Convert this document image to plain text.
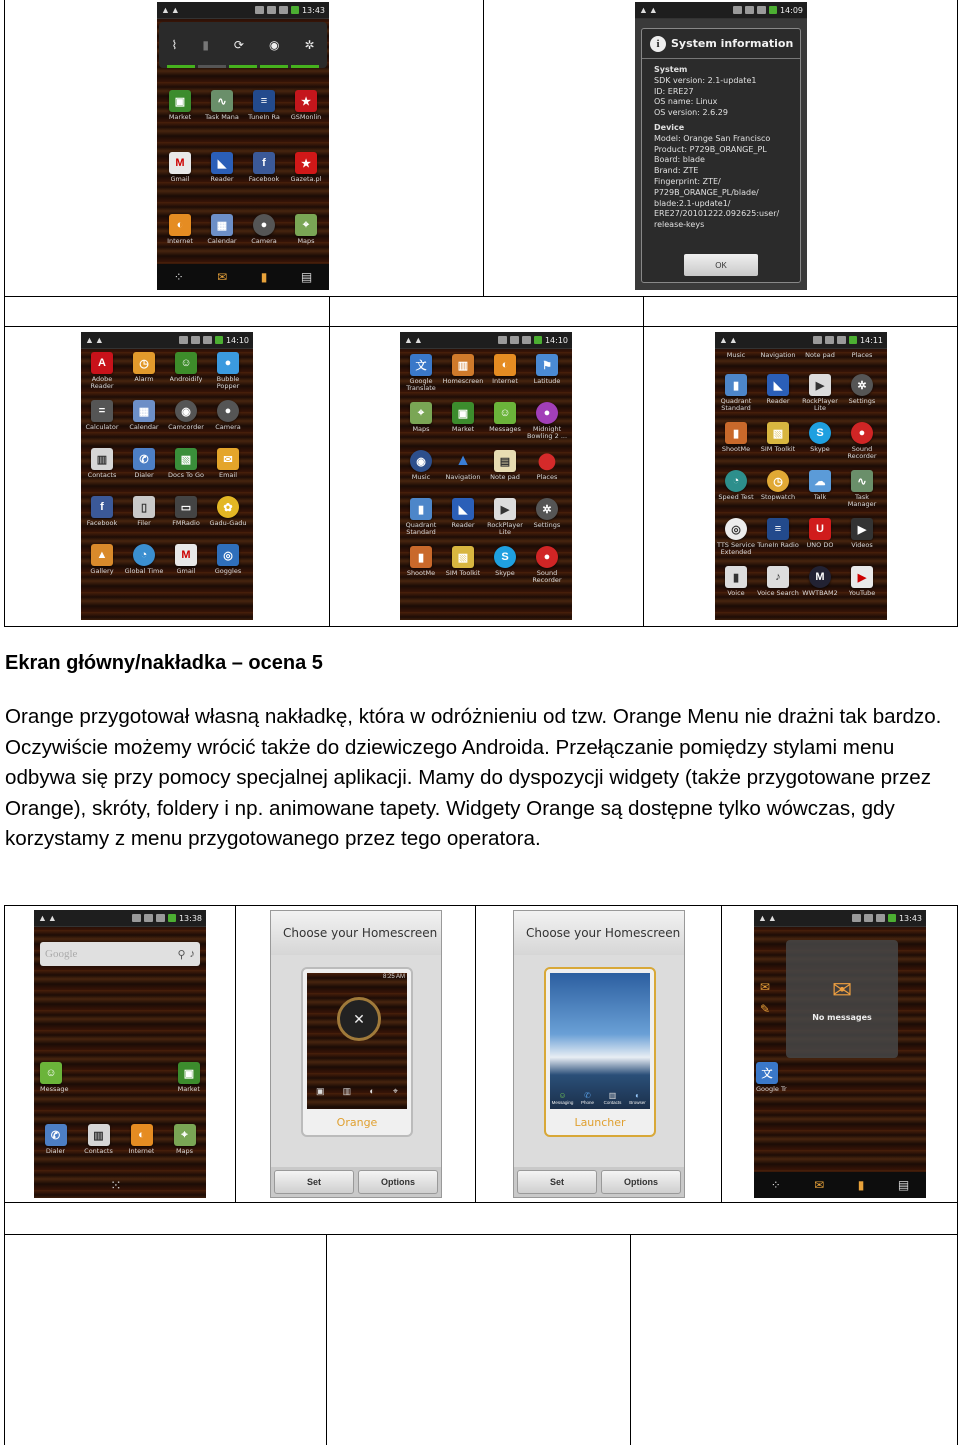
▲▲	13:43
⌇ ▮ ⟳ ◉ ✲
▣
Market
∿
Task Mana
≡
TuneIn Ra
★
GSMonlin
M
Gmail
◣
Reader
f
Facebook
★
Gazeta.pl
◐
Internet
▦
Calendar
●
Camera
⌖
Maps
⁘	✉	▮	▤
▲▲	14:09
i	System information
System
SDK version: 2.1-update1
ID: ERE27
OS name: Linux
OS version: 2.6.29
Device
Model: Orange San Francisco
Product: P729B_ORANGE_PL
Board: blade
Brand: ZTE
Fingerprint: ZTE/
P729B_ORANGE_PL/blade/
blade:2.1-update1/
ERE27/20101222.092625:user/
release-keys
OK
▲▲	14:10
A
Adobe Reader
◷
Alarm
☺
Androidify
●
Bubble Popper
=
Calculator
▦
Calendar
◉
Camcorder
●
Camera
▥
Contacts
✆
Dialer
▧
Docs To Go
✉
Email
f
Facebook
▯
Filer
▭
FMRadio
✿
Gadu-Gadu
▲
Gallery
◔
Global Time
M
Gmail
◎
Goggles
▲▲	14:10
文
Google Translate
▥
Homescreen
◐
Internet
⚑
Latitude
⌖
Maps
▣
Market
☺
Messages
●
Midnight Bowling 2 ...
◉
Music
▲
Navigation
▤
Note pad
⬤
Places
▮
Quadrant Standard
◣
Reader
▶
RockPlayer Lite
✲
Settings
▮
ShootMe
▧
SIM Toolkit
S
Skype
●
Sound Recorder
▲▲	14:11
Music Navigation Note pad	Places
▮
Quadrant Standard
◣
Reader
▶
RockPlayer Lite
✲
Settings
▮
ShootMe
▧
SIM Toolkit
S
Skype
●
Sound Recorder
◔
Speed Test
◷
Stopwatch
☁
Talk
∿
Task Manager
◎
TTS Service Extended
≡
TuneIn Radio
U
UNO DO
▶
Videos
▮
Voice
♪
Voice Search
M
WWTBAM2
▶
YouTube
Ekran główny/nakładka – ocena 5
Orange przygotował własną nakładkę, która w odróżnieniu od tzw. Orange Menu nie drażni tak bardzo. Oczywiście możemy wrócić także do dziewiczego Androida. Przełączanie pomiędzy stylami menu odbywa się przy pomocy specjalnej aplikacji. Mamy do dyspozycji widgety (także przygotowane przez Orange), skróty, foldery i np. animowane tapety. Widgety Orange są dostępne tylko wówczas, gdy korzystamy z menu przygotowanego przez tego operatora.
▲▲	13:38
Google	⚲ ♪
☺
Message
▣
Market
✆
Dialer
▥
Contacts
◐
Internet
⌖
Maps
⁙
Choose your Homescreen
8:25 AM
✕
▣ ▥ ◐ ⌖
Orange
Set	Options
Choose your Homescreen
☺
Messaging
✆
Phone
▥
Contacts
◐
Browser
Launcher
Set	Options
▲▲	13:43
✉
✎
✉
No messages
文
Google Tr
⁘	✉	▮	▤
